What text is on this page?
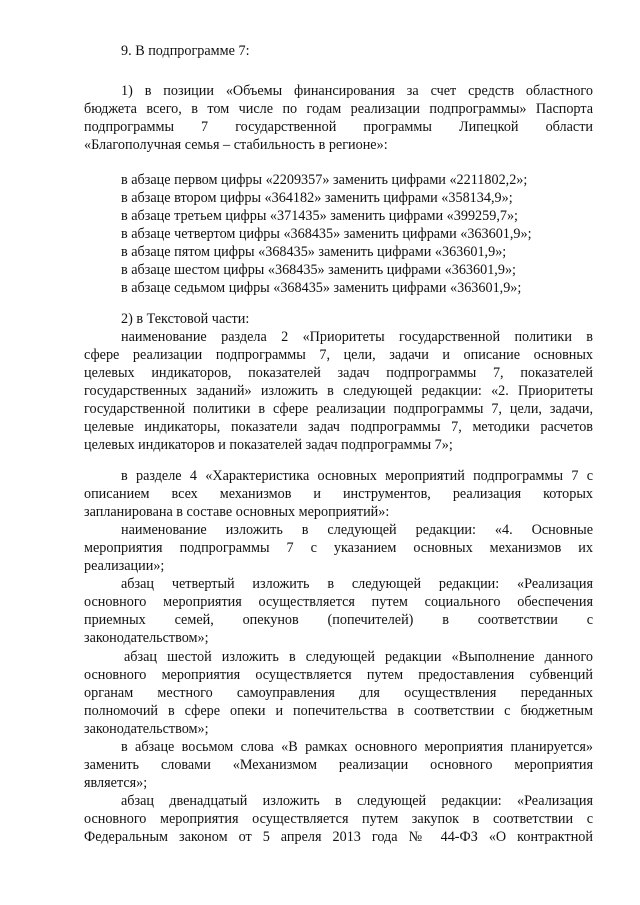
9. В подпрограмме 7:
1) в позиции «Объемы финансирования за счет средств областного
бюджета всего, в том числе по годам реализации подпрограммы» Паспорта
подпрограммы 7 государственной программы Липецкой области
«Благополучная семья – стабильность в регионе»:
в абзаце первом цифры «2209357» заменить цифрами «2211802,2»;
в абзаце втором цифры «364182» заменить цифрами «358134,9»;
в абзаце третьем цифры «371435» заменить цифрами «399259,7»;
в абзаце четвертом цифры «368435» заменить цифрами «363601,9»;
в абзаце пятом цифры «368435» заменить цифрами «363601,9»;
в абзаце шестом цифры «368435» заменить цифрами «363601,9»;
в абзаце седьмом цифры «368435» заменить цифрами «363601,9»;
2) в Текстовой части:
наименование раздела 2 «Приоритеты государственной политики в
сфере реализации подпрограммы 7, цели, задачи и описание основных
целевых индикаторов, показателей задач подпрограммы 7, показателей
государственных заданий» изложить в следующей редакции: «2. Приоритеты
государственной политики в сфере реализации подпрограммы 7, цели, задачи,
целевые индикаторы, показатели задач подпрограммы 7, методики расчетов
целевых индикаторов и показателей задач подпрограммы 7»;
в разделе 4 «Характеристика основных мероприятий подпрограммы 7 с
описанием всех механизмов и инструментов, реализация которых
запланирована в составе основных мероприятий»:
наименование изложить в следующей редакции: «4. Основные
мероприятия подпрограммы 7 с указанием основных механизмов их
реализации»;
абзац четвертый изложить в следующей редакции: «Реализация
основного мероприятия осуществляется путем социального обеспечения
приемных семей, опекунов (попечителей) в соответствии с
законодательством»;
абзац шестой изложить в следующей редакции «Выполнение данного
основного мероприятия осуществляется путем предоставления субвенций
органам местного самоуправления для осуществления переданных
полномочий в сфере опеки и попечительства в соответствии с бюджетным
законодательством»;
в абзаце восьмом слова «В рамках основного мероприятия планируется»
заменить словами «Механизмом реализации основного мероприятия
является»;
абзац двенадцатый изложить в следующей редакции: «Реализация
основного мероприятия осуществляется путем закупок в соответствии с
Федеральным законом от 5 апреля 2013 года № 44-ФЗ «О контрактной
